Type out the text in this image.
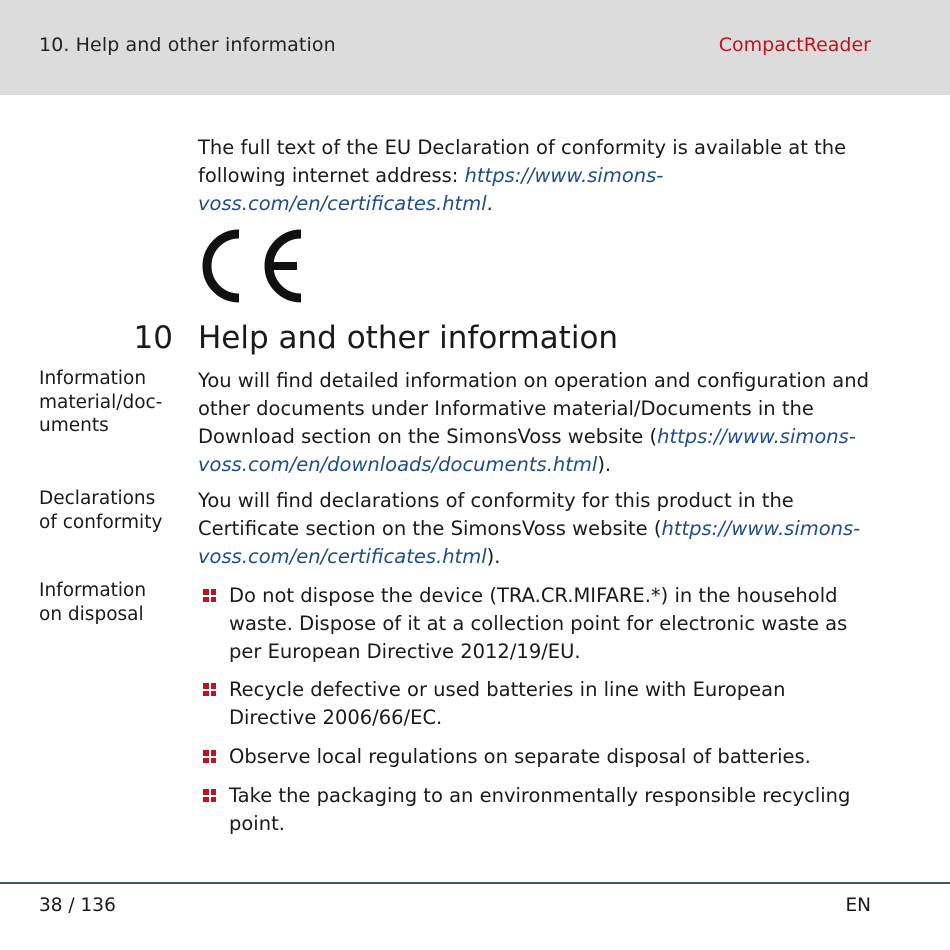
10. Help and other information	CompactReader
The full text of the EU Declaration of conformity is available at the following internet address: https://www.simons-voss.com/en/certificates.html.
10 Help and other information
Information
material/doc-
uments
You will find detailed information on operation and configuration and other documents under Informative material/Documents in the Download section on the SimonsVoss website (https://www.simons-voss.com/en/downloads/documents.html).
Declarations
of conformity
You will find declarations of conformity for this product in the Certificate section on the SimonsVoss website (https://www.simons-voss.com/en/certificates.html).
Information
on disposal
Do not dispose the device (TRA.CR.MIFARE.*) in the household waste. Dispose of it at a collection point for electronic waste as per European Directive 2012/19/EU.
Recycle defective or used batteries in line with European Directive 2006/66/EC.
Observe local regulations on separate disposal of batteries.
Take the packaging to an environmentally responsible recycling point.
38 / 136	EN
